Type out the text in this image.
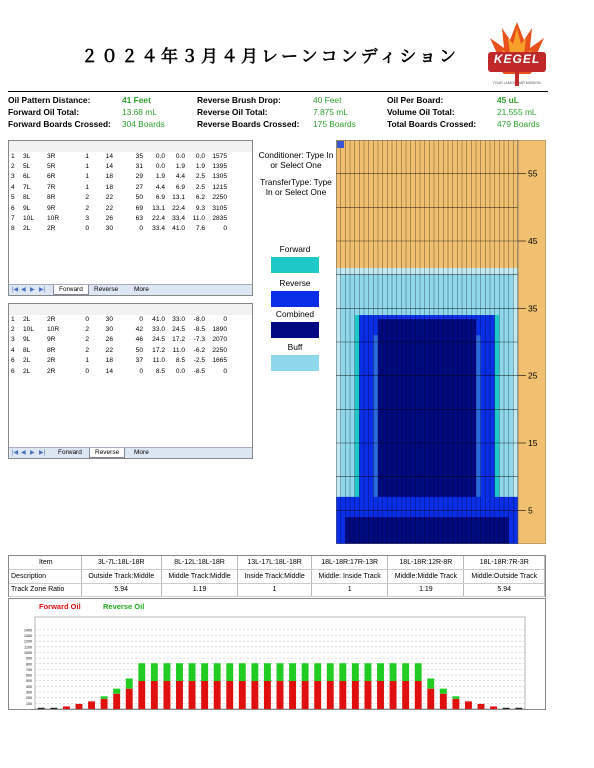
２０２４年３月４月レーンコンディション	KEGEL
YOUR LANES. OUR MISSION.
Oil Pattern Distance:	41 Feet	Reverse Brush Drop:	40 Feet	Oil Per Board:	45 uL
Forward Oil Total:	13.68 mL	Reverse Oil Total:	7.875 mL	Volume Oil Total:	21.555 mL
Forward Boards Crossed: 304 Boards	Reverse Boards Crossed: 175 Boards	Total Boards Crossed: 479 Boards

1	3L	3R	1	14	35	0.0	0.0	0.0	1575
2	5L	5R	1	14	31	0.0	1.9	1.9	1395
3	6L	6R	1	18	29	1.9	4.4	2.5	1305
4	7L	7R	1	18	27	4.4	6.9	2.5	1215
5	8L	8R	2	22	50	6.9	13.1	6.2	2250
6	9L	9R	2	22	69	13.1	22.4	9.3	3105
7	10L	10R	3	26	63	22.4	33.4	11.0	2835
8	2L	2R	0	30	0	33.4	41.0	7.6	0
|◀ ◀ ▶ ▶|	Forward	Reverse	More

1	2L	2R	0	30	0	41.0	33.0	-8.0	0
2	10L	10R	2	30	42	33.0	24.5	-8.5	1890
3	9L	9R	2	26	46	24.5	17.2	-7.3	2070
4	8L	8R	2	22	50	17.2	11.0	-6.2	2250
6	2L	2R	1	18	37	11.0	8.5	-2.5	1665
6	2L	2R	0	14	0	8.5	0.0	-8.5	0
|◀ ◀ ▶ ▶|	Forward	Reverse	More
Conditioner: Type In or Select One
TransferType: Type In or Select One
Forward
Reverse
Combined
Buff
55
45
35
25
15
5
Item	3L-7L:18L-18R	8L-12L:18L-18R	13L-17L:18L-18R	18L-18R:17R-13R	18L-18R:12R-8R	18L-18R:7R-3R
Description	Outside Track:Middle	Middle Track:Middle	Inside Track:Middle	Middle: Inside Track	Middle:Middle Track	Middle:Outside Track
Track Zone Ratio	5.94	1.19	1	1	1.19	5.94
Forward Oil	Reverse Oil
1400
1300
1200
1100
1000
900
800
700
600
500
400
300
200
100
